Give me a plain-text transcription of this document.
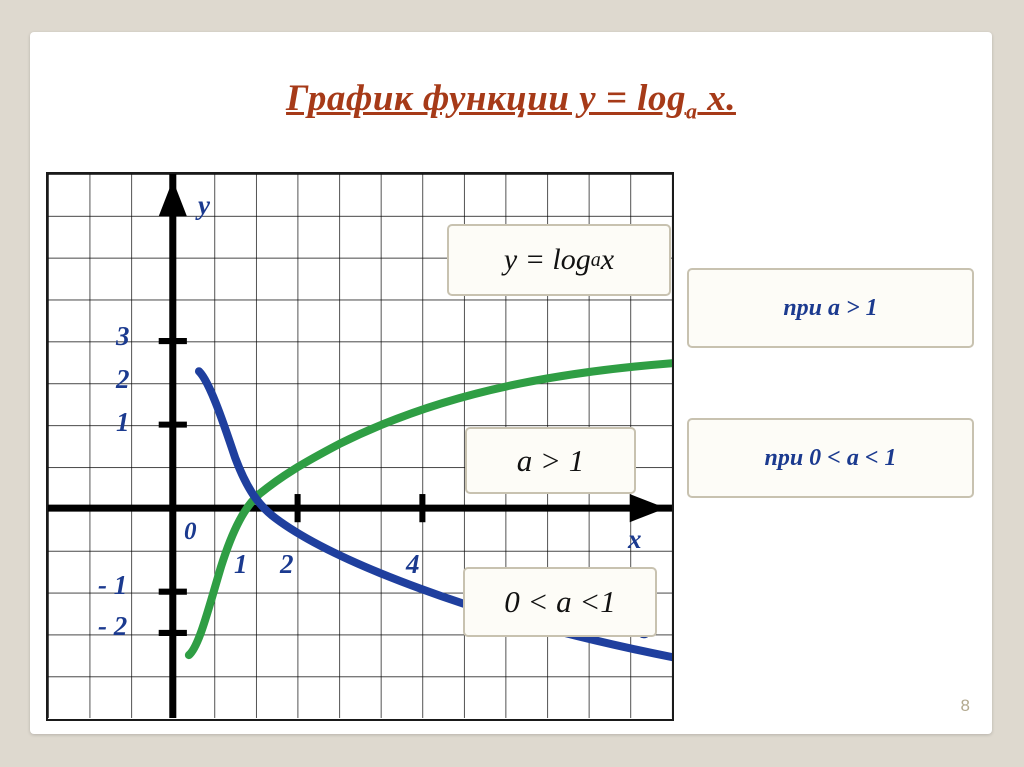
График функции $y = \log_a x$.
y
x
0
3
2
1
- 1
- 2
1 2	4
y = log a x
a > 1
0 < a <1
при a > 1
при 0 < a < 1
8
